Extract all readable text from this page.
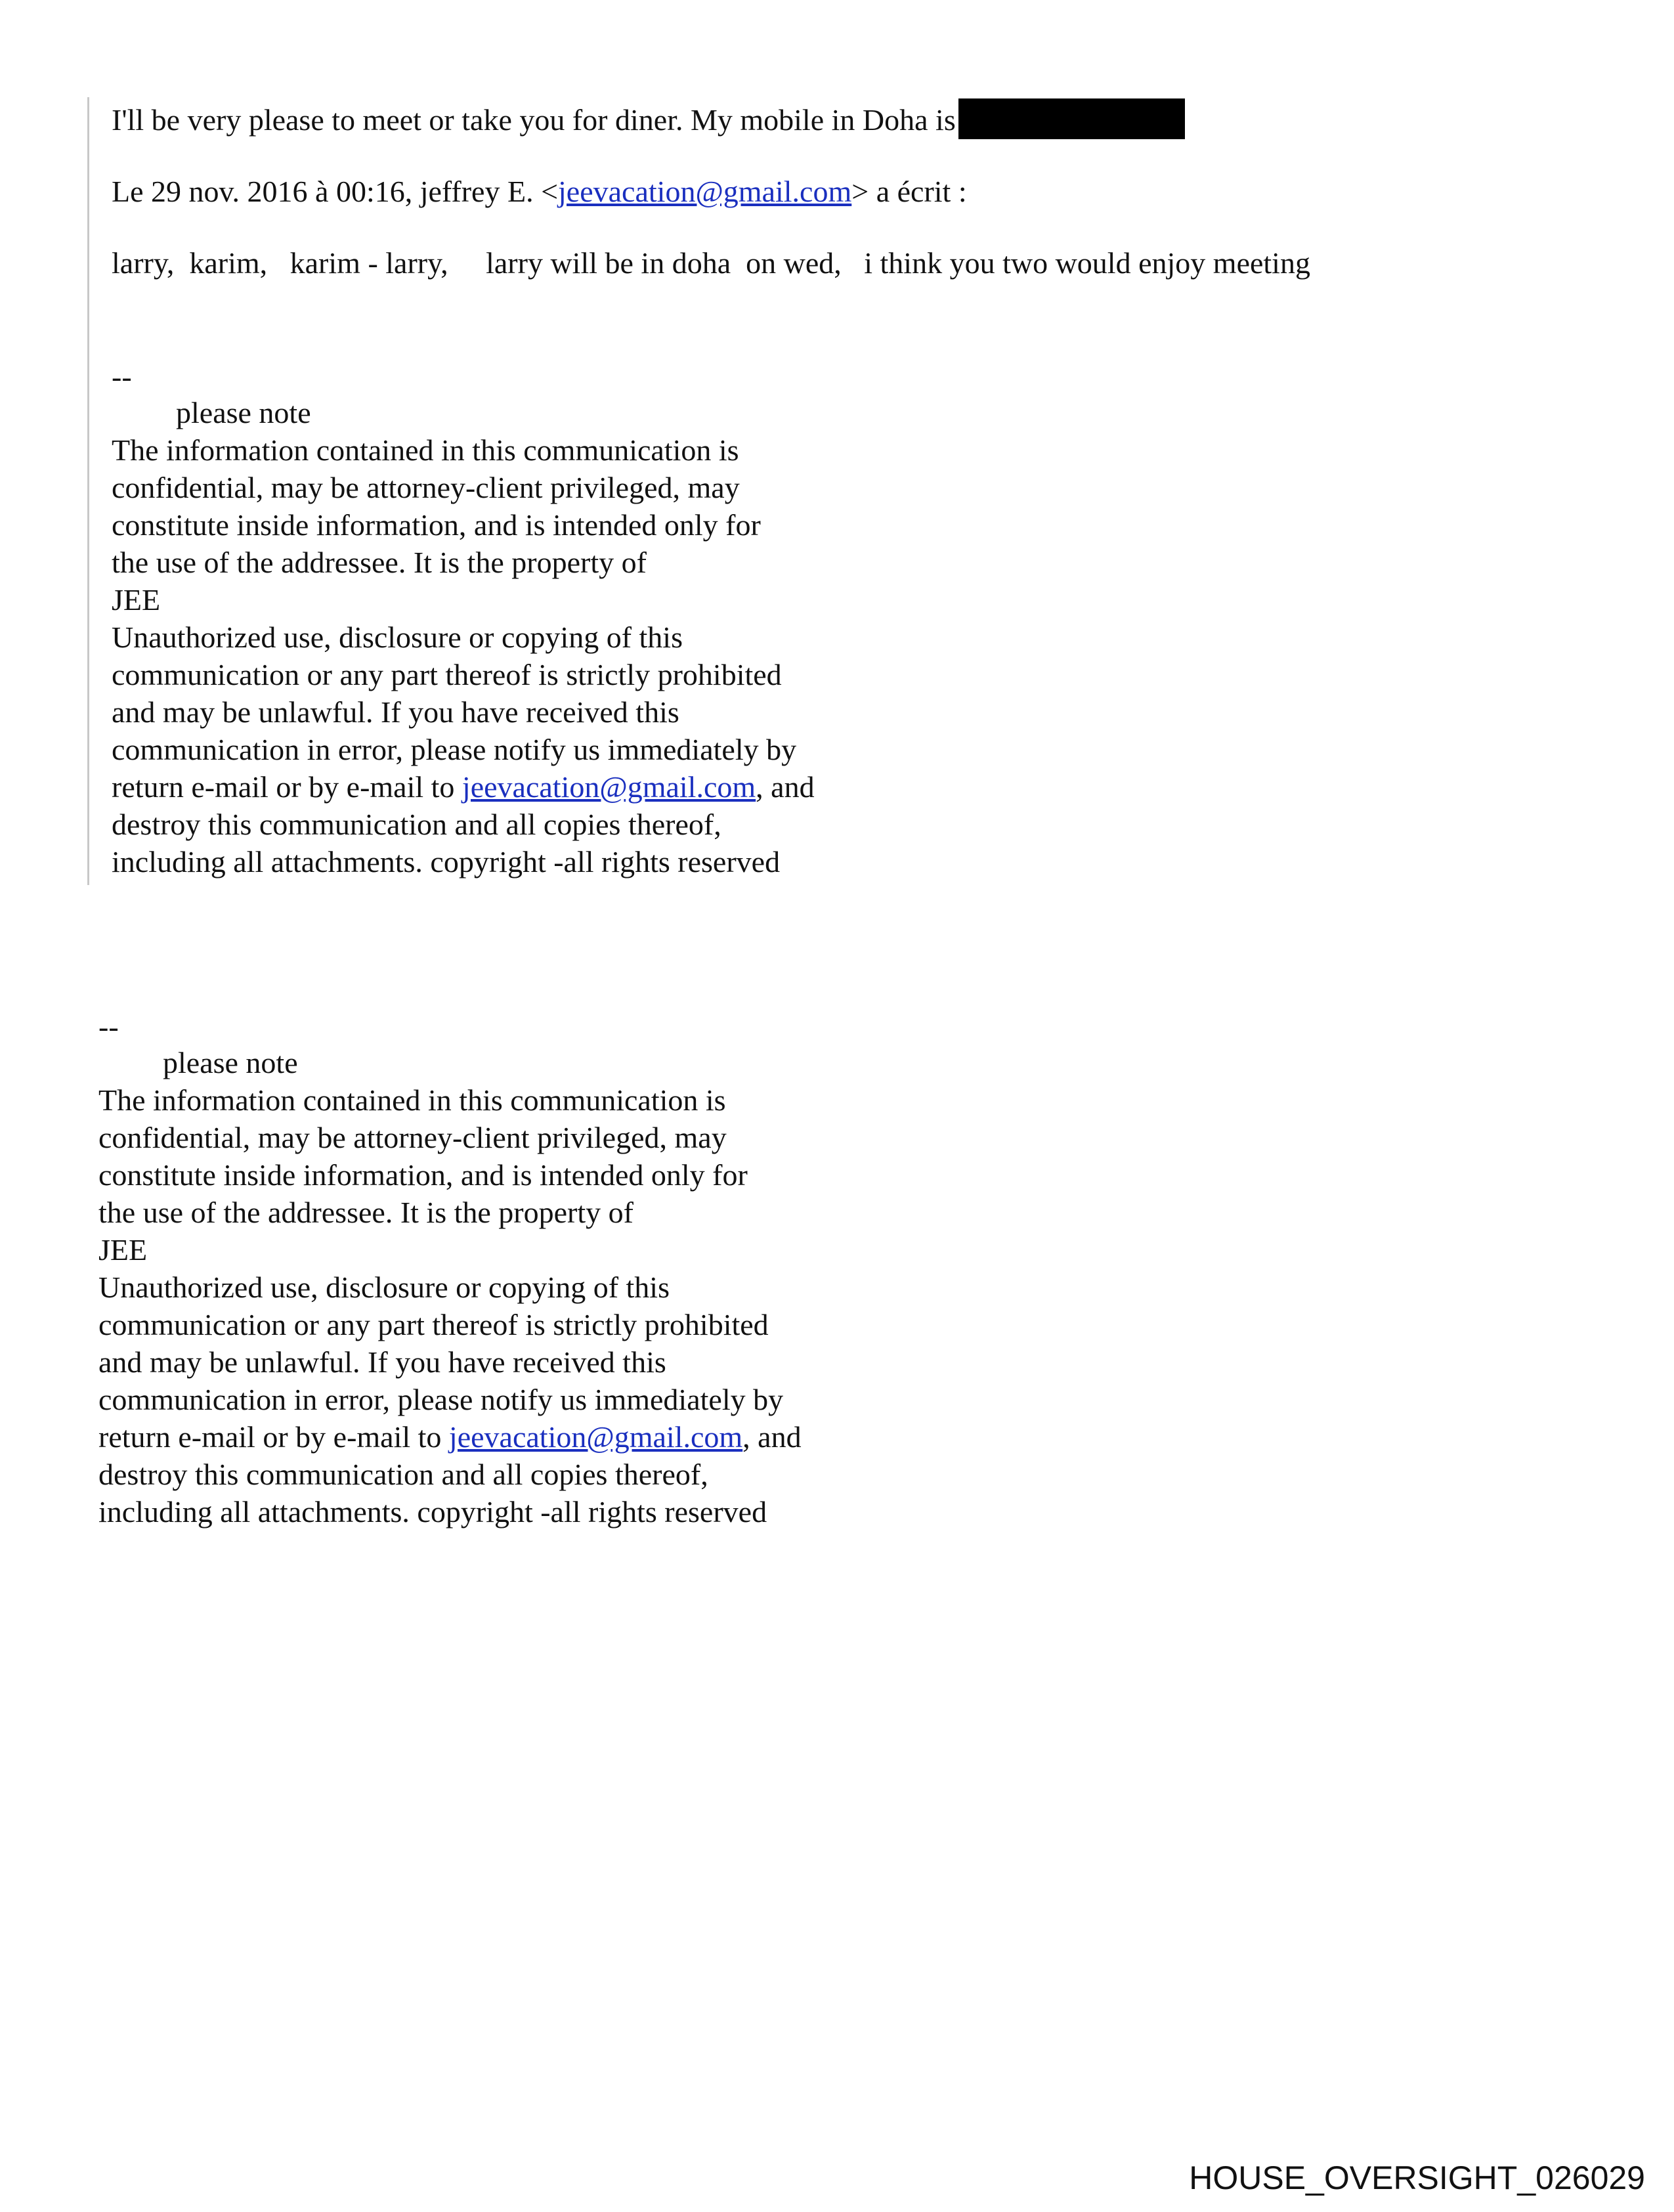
I'll be very please to meet or take you for diner. My mobile in Doha is
Le 29 nov. 2016 à 00:16, jeffrey E. <jeevacation@gmail.com> a écrit :
larry,  karim,   karim - larry,     larry will be in doha  on wed,   i think you two would enjoy meeting
--
please note
The information contained in this communication is
confidential, may be attorney-client privileged, may
constitute inside information, and is intended only for
the use of the addressee. It is the property of
JEE
Unauthorized use, disclosure or copying of this
communication or any part thereof is strictly prohibited
and may be unlawful. If you have received this
communication in error, please notify us immediately by
return e-mail or by e-mail to jeevacation@gmail.com, and
destroy this communication and all copies thereof,
including all attachments. copyright -all rights reserved
--
please note
The information contained in this communication is
confidential, may be attorney-client privileged, may
constitute inside information, and is intended only for
the use of the addressee. It is the property of
JEE
Unauthorized use, disclosure or copying of this
communication or any part thereof is strictly prohibited
and may be unlawful. If you have received this
communication in error, please notify us immediately by
return e-mail or by e-mail to jeevacation@gmail.com, and
destroy this communication and all copies thereof,
including all attachments. copyright -all rights reserved
HOUSE_OVERSIGHT_026029
